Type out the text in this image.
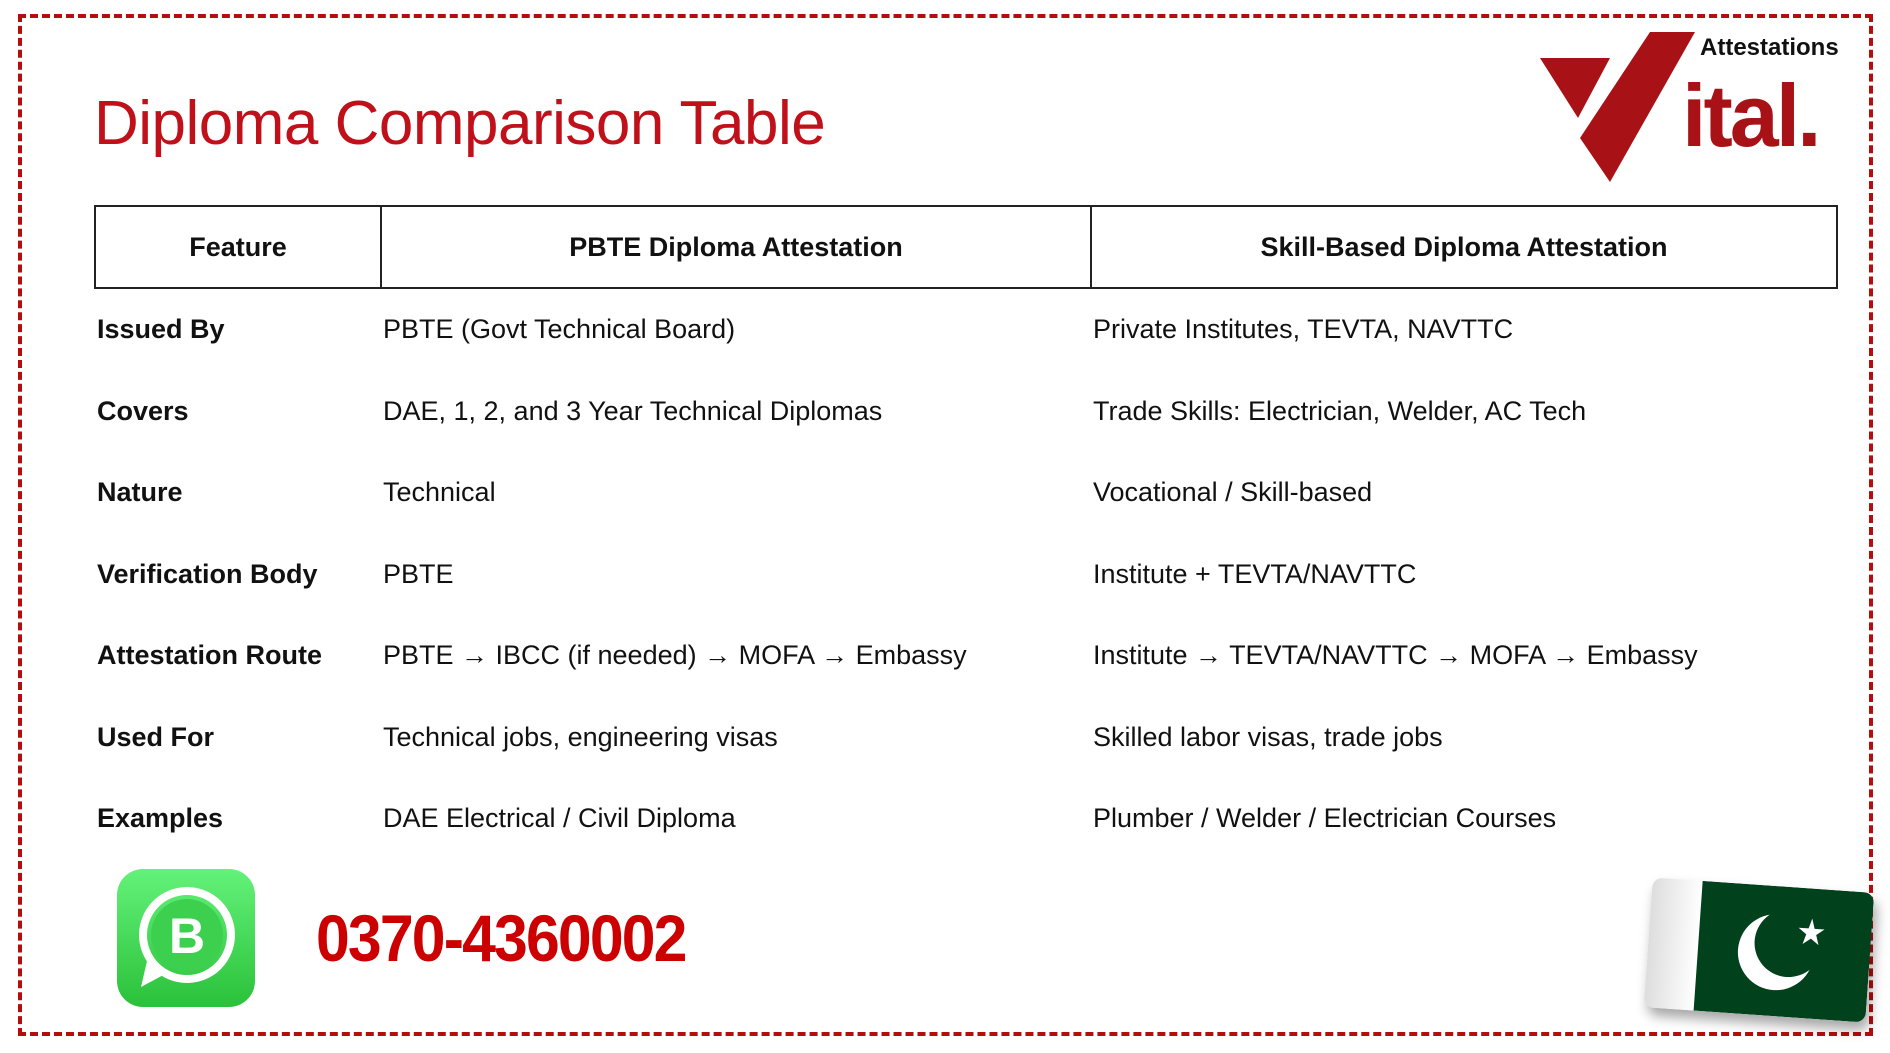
Diploma Comparison Table
Attestations
ital.
Feature	PBTE Diploma Attestation	Skill-Based Diploma Attestation
Issued By	PBTE (Govt Technical Board)	Private Institutes, TEVTA, NAVTTC
Covers	DAE, 1, 2, and 3 Year Technical Diplomas	Trade Skills: Electrician, Welder, AC Tech
Nature	Technical	Vocational / Skill-based
Verification Body	PBTE	Institute + TEVTA/NAVTTC
Attestation Route	PBTE → IBCC (if needed) → MOFA → Embassy	Institute → TEVTA/NAVTTC → MOFA → Embassy
Used For	Technical jobs, engineering visas	Skilled labor visas, trade jobs
Examples	DAE Electrical / Civil Diploma	Plumber / Welder / Electrician Courses
B 0370-4360002
